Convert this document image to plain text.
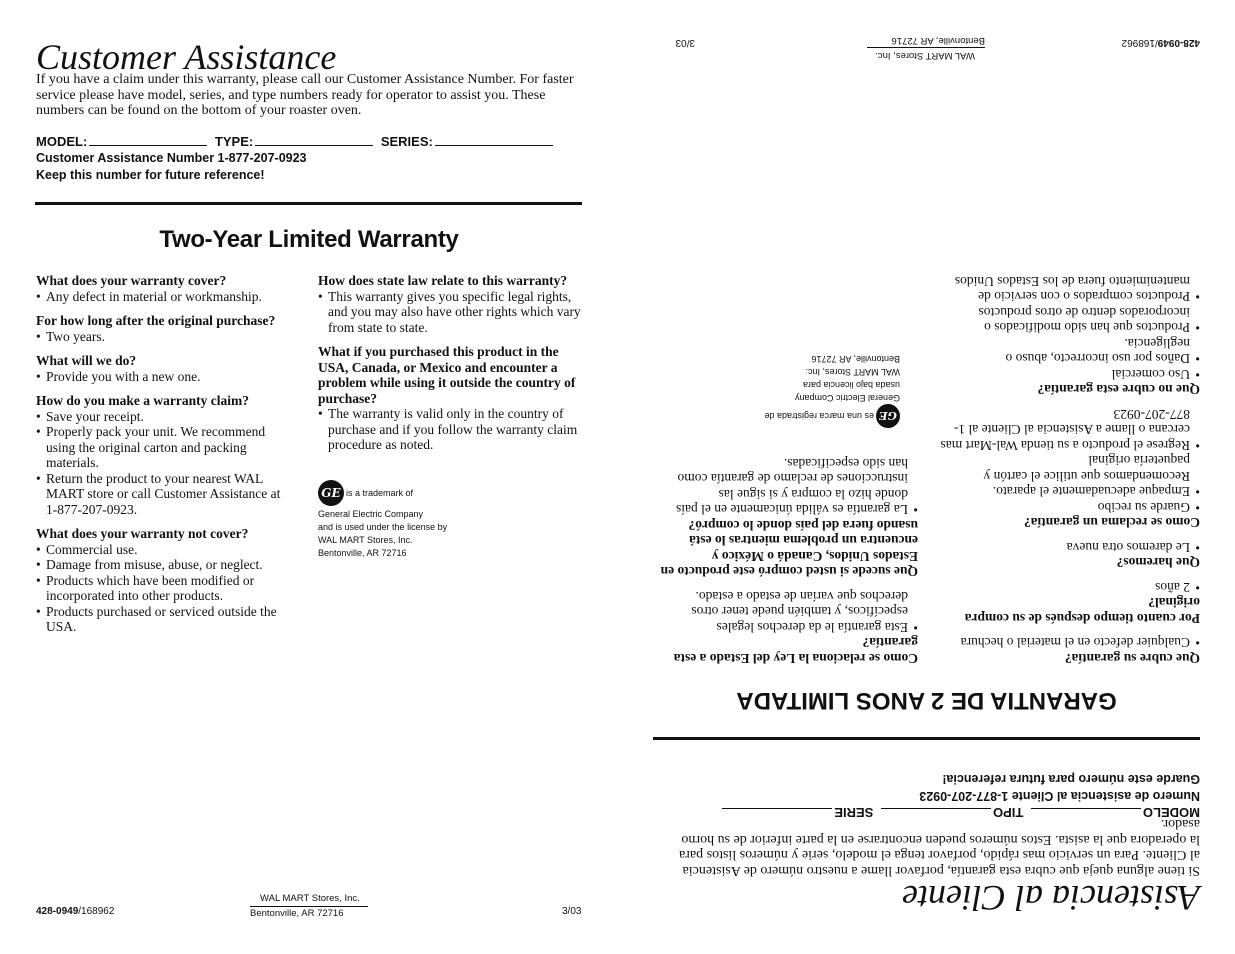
Customer Assistance
If you have a claim under this warranty, please call our Customer Assistance Number. For faster service please have model, series, and type numbers ready for operator to assist you. These numbers can be found on the bottom of your roaster oven.
MODEL:	TYPE:	SERIES:
Customer Assistance Number 1-877-207-0923
Keep this number for future reference!
Two-Year Limited Warranty
What does your warranty cover?
• Any defect in material or workmanship.
For how long after the original purchase?
• Two years.
What will we do?
• Provide you with a new one.
How do you make a warranty claim?
• Save your receipt.
• Properly pack your unit. We recommend using the original carton and packing materials.
• Return the product to your nearest WAL MART store or call Customer Assistance at 1-877-207-0923.
What does your warranty not cover?
• Commercial use.
• Damage from misuse, abuse, or neglect.
• Products which have been modified or incorporated into other products.
• Products purchased or serviced outside the USA.
How does state law relate to this warranty?
• This warranty gives you specific legal rights, and you may also have other rights which vary from state to state.
What if you purchased this product in the USA, Canada, or Mexico and encounter a problem while using it outside the country of purchase?
• The warranty is valid only in the country of purchase and if you follow the warranty claim procedure as noted.
GE is a trademark of
General Electric Company
and is used under the license by
WAL MART Stores, Inc.
Bentonville, AR 72716
428-0949/168962
WAL MART Stores, Inc.
Bentonville, AR 72716	3/03	Asistencia al Cliente
Si tiene alguna queja que cubra esta garantía, porfavor llame a nuestro número de Asistencia al Cliente. Para un servicio mas rápido, porfavor tenga el modelo, serie y números listos para la operadora que la asista. Estos números pueden encontrarse en la parte inferior de su horno asador.
MODELO TIPO SERIE
Numero de asistencia al Cliente 1-877-207-0923
Guarde este número para futura referencia!
GARANTIA DE 2 ANOS LIMITADA
Que cubre su garantía?
• Cualquier defecto en el material o hechura
Por cuanto tiempo después de su compra original?
• 2 años
Que haremos?
• Le daremos otra nueva
Como se reclama un garantía?
• Guarde su recibo
• Empaque adecuadamente el aparato. Recomendamos que utilice el cartón y paquetería original
• Regrese el producto a su tienda Wal-Mart mas cercana o llame a Asistencia al Cliente al 1-877-207-0923
Que no cubre esta garantía?
• Uso comercial
• Daños por uso incorrecto, abuso o negligencia.
• Productos que han sido modificados o incorporados dentro de otros productos
• Productos comprados o con servicio de mantenimiento fuera de los Estados Unidos
Como se relaciona la Ley del Estado a esta garantía?
• Esta garantía le da derechos legales específicos, y también puede tener otros derechos que varían de estado a estado.
Que sucede si usted compró este producto en Estados Unidos, Canadá o México y encuentra un problema mientras lo está usando fuera del país donde lo compró?
• La garantía es válida únicamente en el país donde hizo la compra y si sigue las instrucciones de reclamo de garantía como han sido especificadas.
GEes una marca registrada de
General Electric Company
usada bajo licencia para
WAL MART Stores, Inc.
Bentonville, AR 72716
428-0949/168962
WAL MART Stores, Inc.
Bentonville, AR 72716
3/03
